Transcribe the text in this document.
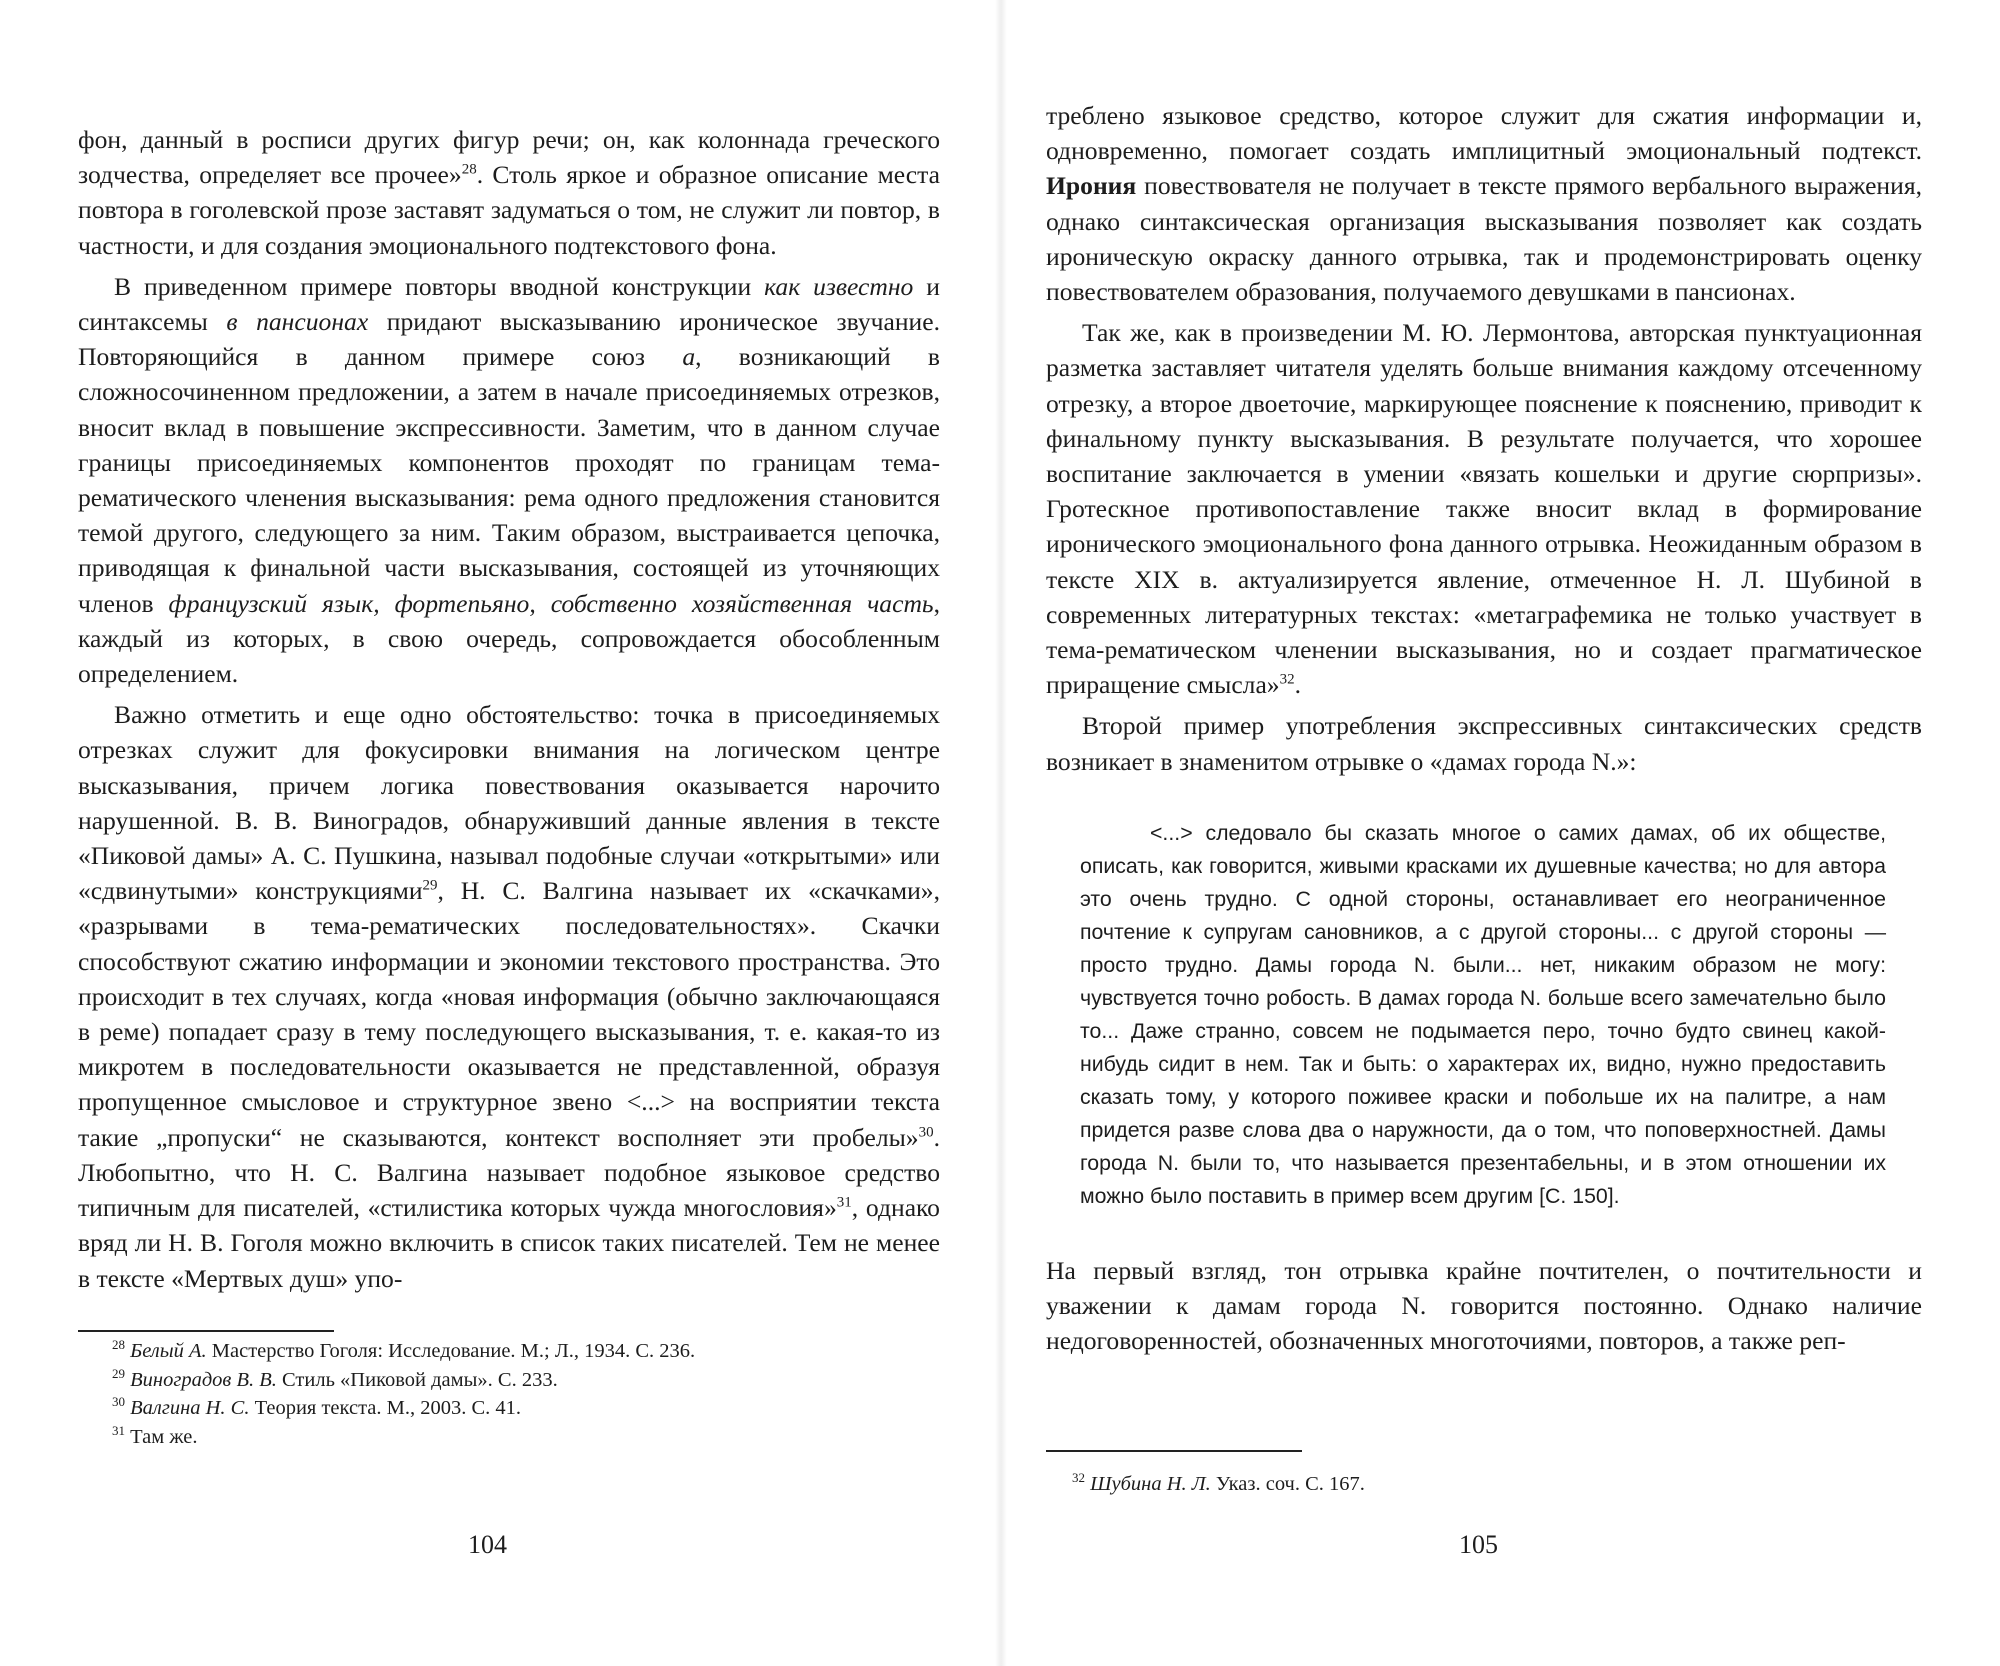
фон, данный в росписи других фигур речи; он, как колоннада греческого зодчества, определяет все прочее»$^{28}$. Столь яркое и образное описание места повтора в гоголевской прозе заставят задуматься о том, не служит ли повтор, в частности, и для создания эмоционального подтекстового фона.

В приведенном примере повторы вводной конструкции как известно и синтаксемы в пансионах придают высказыванию ироническое звучание. Повторяющийся в данном примере союз а, возникающий в сложносочиненном предложении, а затем в начале присоединяемых отрезков, вносит вклад в повышение экспрессивности. Заметим, что в данном случае границы присоединяемых компонентов проходят по границам тема-рематического членения высказывания: рема одного предложения становится темой другого, следующего за ним. Таким образом, выстраивается цепочка, приводящая к финальной части высказывания, состоящей из уточняющих членов французский язык, фортепьяно, собственно хозяйственная часть, каждый из которых, в свою очередь, сопровождается обособленным определением.

Важно отметить и еще одно обстоятельство: точка в присоединяемых отрезках служит для фокусировки внимания на логическом центре высказывания, причем логика повествования оказывается нарочито нарушенной. В. В. Виноградов, обнаруживший данные явления в тексте «Пиковой дамы» А. С. Пушкина, называл подобные случаи «открытыми» или «сдвинутыми» конструкциями$^{29}$, Н. С. Валгина называет их «скачками», «разрывами в тема-рематических последовательностях». Скачки способствуют сжатию информации и экономии текстового пространства. Это происходит в тех случаях, когда «новая информация (обычно заключающаяся в реме) попадает сразу в тему последующего высказывания, т. е. какая-то из микротем в последовательности оказывается не представленной, образуя пропущенное смысловое и структурное звено <...> на восприятии текста такие „пропуски“ не сказываются, контекст восполняет эти пробелы»$^{30}$. Любопытно, что Н. С. Валгина называет подобное языковое средство типичным для писателей, «стилистика которых чужда многословия»$^{31}$, однако вряд ли Н. В. Гоголя можно включить в список таких писателей. Тем не менее в тексте «Мертвых душ» упо-

$^{28}$ Белый А. Мастерство Гоголя: Исследование. М.; Л., 1934. С. 236.
$^{29}$ Виноградов В. В. Стиль «Пиковой дамы». С. 233.
$^{30}$ Валгина Н. С. Теория текста. М., 2003. С. 41.
$^{31}$ Там же.
104

треблено языковое средство, которое служит для сжатия информации и, одновременно, помогает создать имплицитный эмоциональный подтекст. Ирония повествователя не получает в тексте прямого вербального выражения, однако синтаксическая организация высказывания позволяет как создать ироническую окраску данного отрывка, так и продемонстрировать оценку повествователем образования, получаемого девушками в пансионах.

Так же, как в произведении М. Ю. Лермонтова, авторская пунктуационная разметка заставляет читателя уделять больше внимания каждому отсеченному отрезку, а второе двоеточие, маркирующее пояснение к пояснению, приводит к финальному пункту высказывания. В результате получается, что хорошее воспитание заключается в умении «вязать кошельки и другие сюрпризы». Гротескное противопоставление также вносит вклад в формирование иронического эмоционального фона данного отрывка. Неожиданным образом в тексте XIX в. актуализируется явление, отмеченное Н. Л. Шубиной в современных литературных текстах: «метаграфемика не только участвует в тема-рематическом членении высказывания, но и создает прагматическое приращение смысла»$^{32}$.

Второй пример употребления экспрессивных синтаксических средств возникает в знаменитом отрывке о «дамах города N.»:

<...> следовало бы сказать многое о самих дамах, об их обществе, описать, как говорится, живыми красками их душевные качества; но для автора это очень трудно. С одной стороны, останавливает его неограниченное почтение к супругам сановников, а с другой стороны... с другой стороны — просто трудно. Дамы города N. были... нет, никаким образом не могу: чувствуется точно робость. В дамах города N. больше всего замечательно было то... Даже странно, совсем не подымается перо, точно будто свинец какой-нибудь сидит в нем. Так и быть: о характерах их, видно, нужно предоставить сказать тому, у которого поживее краски и побольше их на палитре, а нам придется разве слова два о наружности, да о том, что поповерхностней. Дамы города N. были то, что называется презентабельны, и в этом отношении их можно было поставить в пример всем другим [С. 150].

На первый взгляд, тон отрывка крайне почтителен, о почтительности и уважении к дамам города N. говорится постоянно. Однако наличие недоговоренностей, обозначенных многоточиями, повторов, а также реп-

$^{32}$ Шубина Н. Л. Указ. соч. С. 167.
105
